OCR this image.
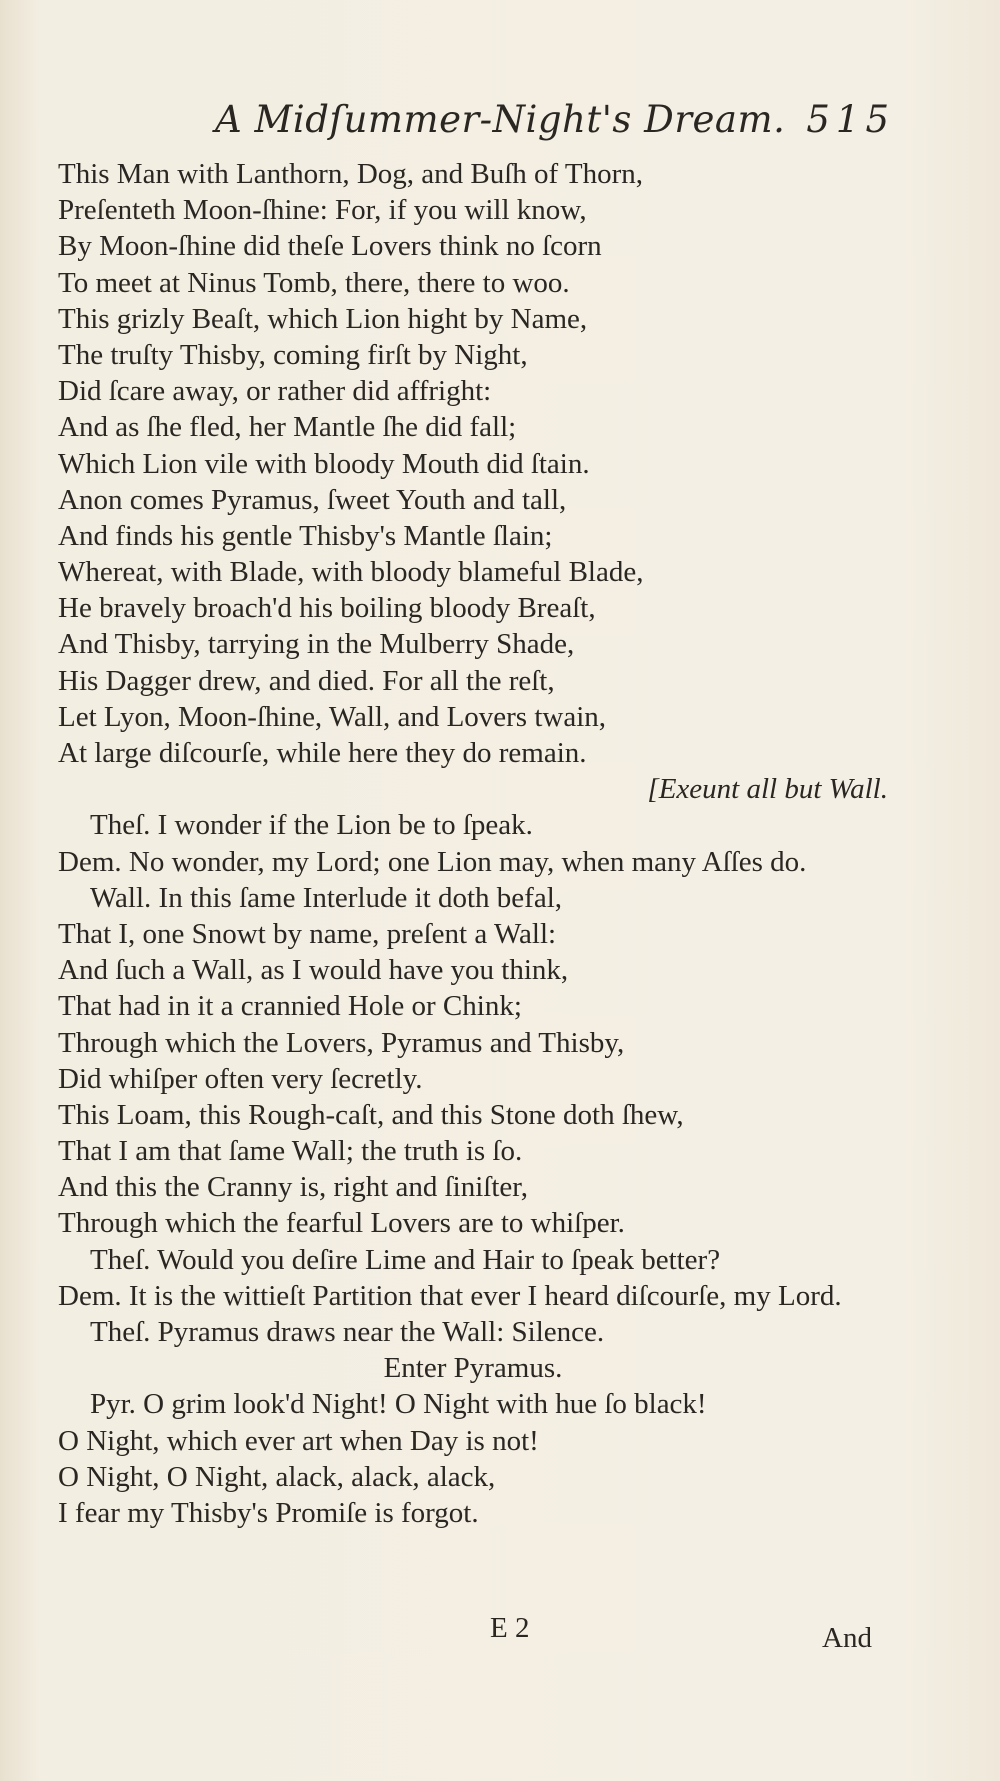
A Midſummer-Night's Dream. 515
This Man with Lanthorn, Dog, and Buſh of Thorn,
Preſenteth Moon-ſhine: For, if you will know,
By Moon-ſhine did theſe Lovers think no ſcorn
To meet at Ninus Tomb, there, there to woo.
This grizly Beaſt, which Lion hight by Name,
The truſty Thisby, coming firſt by Night,
Did ſcare away, or rather did affright:
And as ſhe fled, her Mantle ſhe did fall;
Which Lion vile with bloody Mouth did ſtain.
Anon comes Pyramus, ſweet Youth and tall,
And finds his gentle Thisby's Mantle ſlain;
Whereat, with Blade, with bloody blameful Blade,
He bravely broach'd his boiling bloody Breaſt,
And Thisby, tarrying in the Mulberry Shade,
His Dagger drew, and died. For all the reſt,
Let Lyon, Moon-ſhine, Wall, and Lovers twain,
At large diſcourſe, while here they do remain.
[Exeunt all but Wall.
Theſ. I wonder if the Lion be to ſpeak.
Dem. No wonder, my Lord; one Lion may, when many Aſſes do.
Wall. In this ſame Interlude it doth befal,
That I, one Snowt by name, preſent a Wall:
And ſuch a Wall, as I would have you think,
That had in it a crannied Hole or Chink;
Through which the Lovers, Pyramus and Thisby,
Did whiſper often very ſecretly.
This Loam, this Rough-caſt, and this Stone doth ſhew,
That I am that ſame Wall; the truth is ſo.
And this the Cranny is, right and ſiniſter,
Through which the fearful Lovers are to whiſper.
Theſ. Would you deſire Lime and Hair to ſpeak better?
Dem. It is the wittieſt Partition that ever I heard diſcourſe, my Lord.
Theſ. Pyramus draws near the Wall: Silence.
Enter Pyramus.
Pyr. O grim look'd Night! O Night with hue ſo black!
O Night, which ever art when Day is not!
O Night, O Night, alack, alack, alack,
I fear my Thisby's Promiſe is forgot.
E 2	And
